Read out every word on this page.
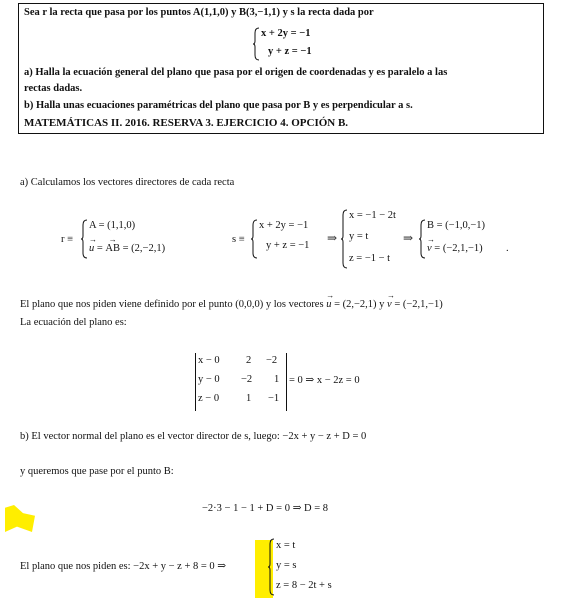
Sea r la recta que pasa por los puntos A(1,1,0) y B(3,−1,1) y s la recta dada por
x + 2y = −1
y + z = −1
a) Halla la ecuación general del plano que pasa por el origen de coordenadas y es paralelo a las
rectas dadas.
b) Halla unas ecuaciones paramétricas del plano que pasa por B y es perpendicular a s.
MATEMÁTICAS II. 2016. RESERVA 3. EJERCICIO 4. OPCIÓN B.
a) Calculamos los vectores directores de cada recta
r ≡
A = (1,1,0)
→ u = → AB = (2,−2,1)
s ≡
x + 2y = −1
y + z = −1
⇒
x = −1 − 2t
y = t
z = −1 − t
⇒
B = (−1,0,−1)
→ v = (−2,1,−1) .
El plano que nos piden viene definido por el punto (0,0,0) y los vectores → u = (2,−2,1) y → v = (−2,1,−1)
La ecuación del plano es:
x − 0
y − 0
z − 0
2
−2
1
−2
1
−1
= 0 ⇒ x − 2z = 0
b) El vector normal del plano es el vector director de s, luego: −2x + y − z + D = 0
y queremos que pase por el punto B:
−2·3 − 1 − 1 + D = 0 ⇒ D = 8
El plano que nos piden es: −2x + y − z + 8 = 0 ⇒
x = t
y = s
z = 8 − 2t + s
